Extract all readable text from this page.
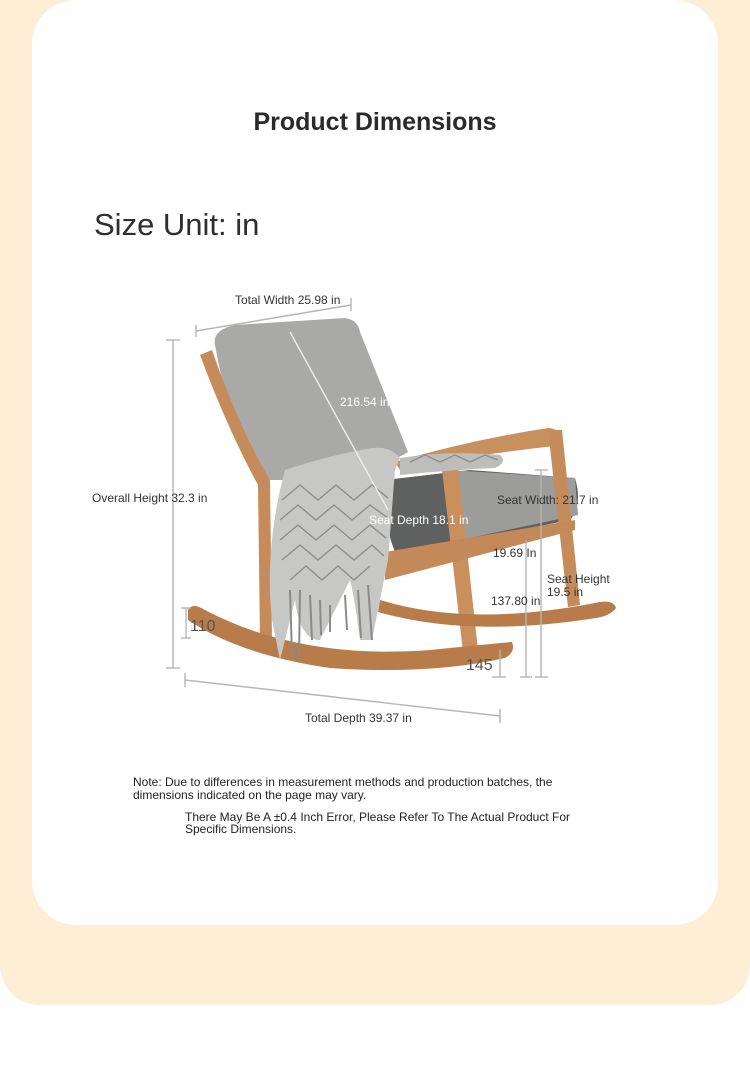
Product Dimensions
Size Unit: in
Total Width 25.98 in
216.54 in
Overall Height 32.3 in	Seat Width: 21.7 in
Seat Depth 18.1 in
19.69 In
Seat Height
19.5 in
137.80 in
110
145
Total Depth 39.37 in
Note: Due to differences in measurement methods and production batches, the dimensions indicated on the page may vary.
There May Be A ±0.4 Inch Error, Please Refer To The Actual Product For Specific Dimensions.
